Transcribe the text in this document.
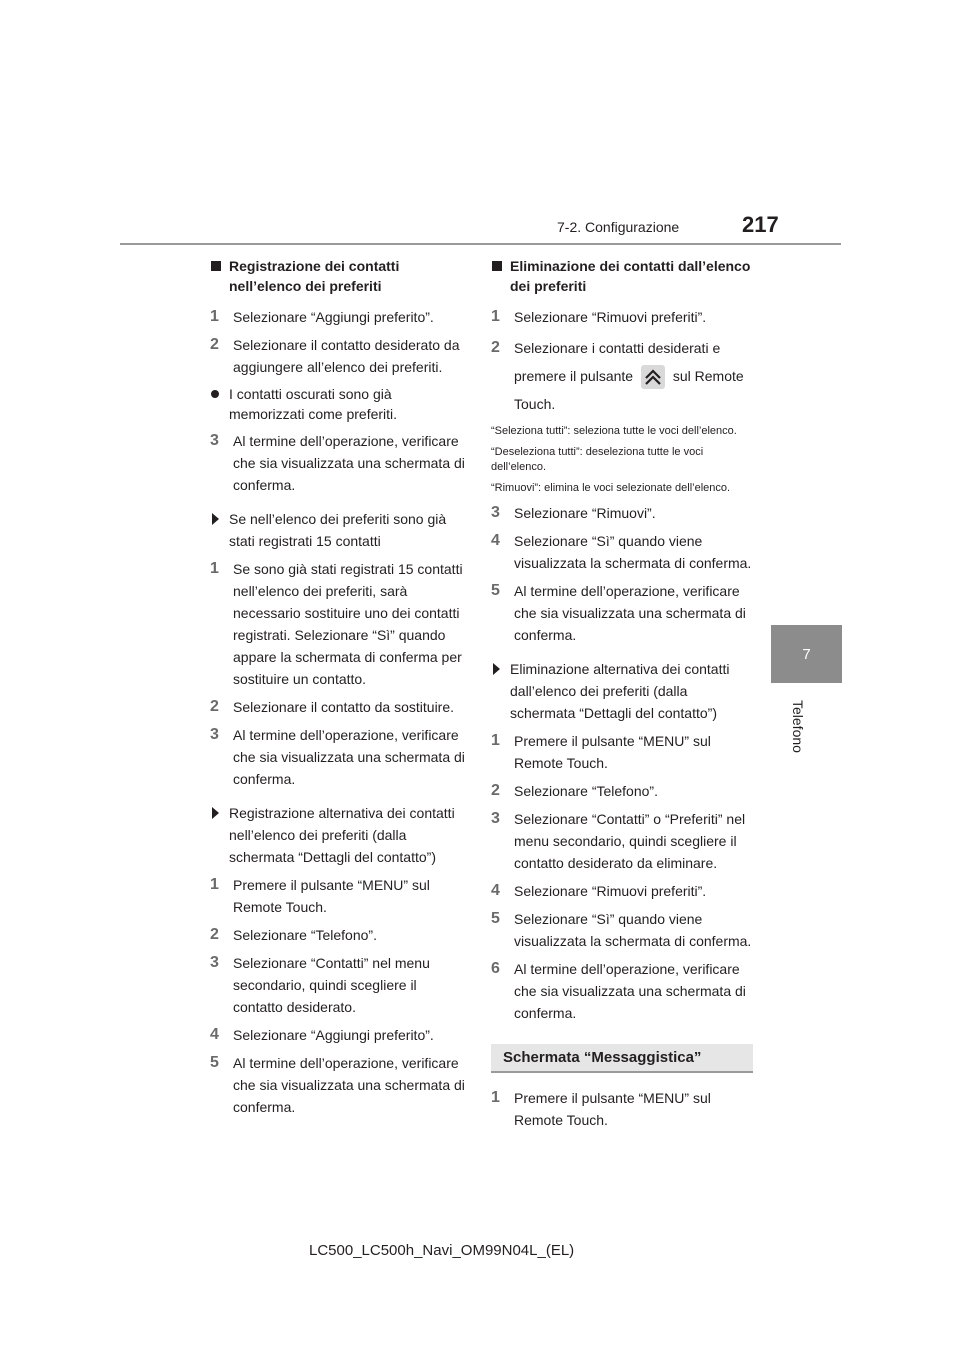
7-2. Configurazione	217
7
Telefono
Registrazione dei contatti nell’elenco dei preferiti
1 Selezionare “Aggiungi preferito”.
2 Selezionare il contatto desiderato da aggiungere all’elenco dei preferiti.
I contatti oscurati sono già memorizzati come preferiti.
3 Al termine dell’operazione, verificare che sia visualizzata una schermata di conferma.
Se nell’elenco dei preferiti sono già stati registrati 15 contatti
1 Se sono già stati registrati 15 contatti nell’elenco dei preferiti, sarà necessario sostituire uno dei contatti registrati. Selezionare “Sì” quando appare la schermata di conferma per sostituire un contatto.
2 Selezionare il contatto da sostituire.
3 Al termine dell’operazione, verificare che sia visualizzata una schermata di conferma.
Registrazione alternativa dei contatti nell’elenco dei preferiti (dalla schermata “Dettagli del contatto”)
1 Premere il pulsante “MENU” sul Remote Touch.
2 Selezionare “Telefono”.
3 Selezionare “Contatti” nel menu secondario, quindi scegliere il contatto desiderato.
4 Selezionare “Aggiungi preferito”.
5 Al termine dell’operazione, verificare che sia visualizzata una schermata di conferma.
Eliminazione dei contatti dall’elenco dei preferiti
1 Selezionare “Rimuovi preferiti”.
2 Selezionare i contatti desiderati e premere il pulsante	sul Remote Touch.
“Seleziona tutti”: seleziona tutte le voci dell’elenco.
“Deseleziona tutti”: deseleziona tutte le voci dell’elenco.
“Rimuovi”: elimina le voci selezionate dell’elenco.
3 Selezionare “Rimuovi”.
4 Selezionare “Sì” quando viene visualizzata la schermata di conferma.
5 Al termine dell’operazione, verificare che sia visualizzata una schermata di conferma.
Eliminazione alternativa dei contatti dall’elenco dei preferiti (dalla schermata “Dettagli del contatto”)
1 Premere il pulsante “MENU” sul Remote Touch.
2 Selezionare “Telefono”.
3 Selezionare “Contatti” o “Preferiti” nel menu secondario, quindi scegliere il contatto desiderato da eliminare.
4 Selezionare “Rimuovi preferiti”.
5 Selezionare “Sì” quando viene visualizzata la schermata di conferma.
6 Al termine dell’operazione, verificare che sia visualizzata una schermata di conferma.
Schermata “Messaggistica”
1 Premere il pulsante “MENU” sul Remote Touch.
LC500_LC500h_Navi_OM99N04L_(EL)
